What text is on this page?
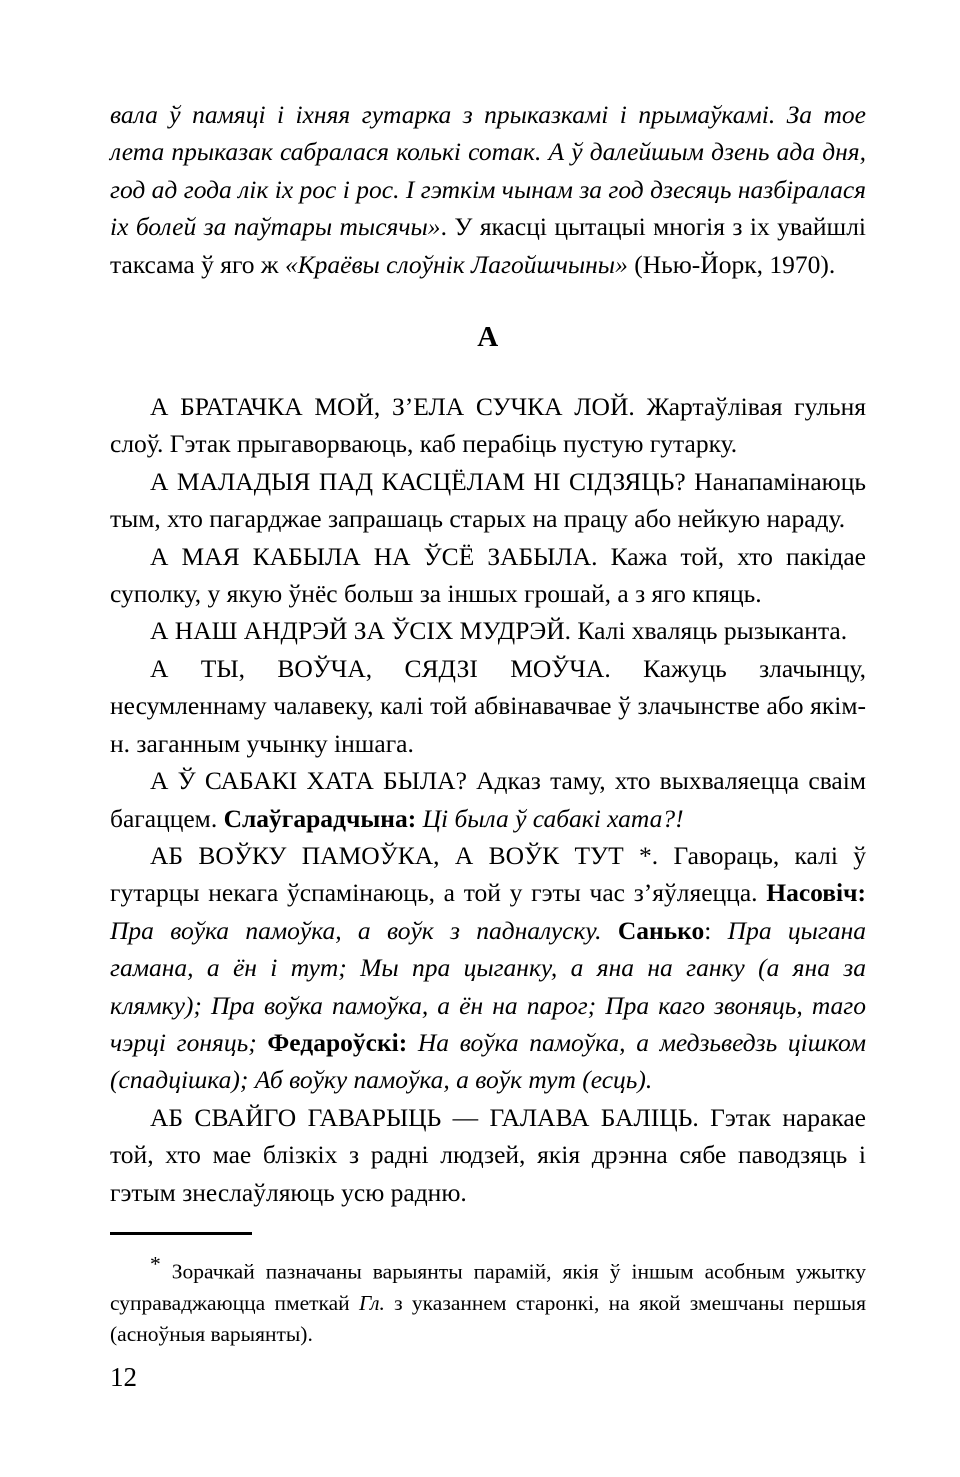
вала ў памяці і іхняя гутарка з прыказкамі і прымаўкамі. За тое лета прыказак сабралася колькі сотак. А ў далейшым дзень ада дня, год ад года лік іх рос і рос. І гэткім чынам за год дзесяць назбіралася іх болей за паўтары тысячы». У якасці цытацыі многія з іх увайшлі таксама ў яго ж «Краёвы слоўнік Лагойшчыны» (Нью-Йорк, 1970).

А

А БРАТАЧКА МОЙ, З’ЕЛА СУЧКА ЛОЙ. Жартаўлівая гульня слоў. Гэтак прыгаворваюць, каб перабіць пустую гутарку.

А МАЛАДЫЯ ПАД КАСЦЁЛАМ НІ СІДЗЯЦЬ? Нанапамінаюць тым, хто пагарджае запрашаць старых на працу або нейкую нараду.

А МАЯ КАБЫЛА НА ЎСЁ ЗАБЫЛА. Кажа той, хто пакідае суполку, у якую ўнёс больш за іншых грошай, а з яго кпяць.

А НАШ АНДРЭЙ ЗА ЎСІХ МУДРЭЙ. Калі хваляць рызыканта.

А ТЫ, ВОЎЧА, СЯДЗІ МОЎЧА. Кажуць злачынцу, несумленнаму чалавеку, калі той абвінавачвае ў злачынстве або якім-н. заганным учынку іншага.

А Ў САБАКІ ХАТА БЫЛА? Адказ таму, хто выхваляецца сваім багаццем. Слаўгарадчына: Ці была ў сабакі хата?!

АБ ВОЎКУ ПАМОЎКА, А ВОЎК ТУТ *. Гавораць, калі ў гутарцы некага ўспамінаюць, а той у гэты час з’яўляецца. Насовіч: Пра воўка памоўка, а воўк з падналуску. Санько: Пра цыгана гамана, а ён і тут; Мы пра цыганку, а яна на ганку (а яна за клямку); Пра воўка памоўка, а ён на парог; Пра каго звоняць, таго чэрці гоняць; Федароўскі: На воўка памоўка, а медзьведзь цішком (спадцішка); Аб воўку памоўка, а воўк тут (есць).

АБ СВАЙГО ГАВАРЫЦЬ — ГАЛАВА БАЛІЦЬ. Гэтак наракае той, хто мае блізкіх з радні людзей, якія дрэнна сябе паводзяць і гэтым знеслаўляюць усю радню.

* Зорачкай пазначаны варыянты парамій, якія ў іншым асобным ужытку суправаджаюцца пметкай Гл. з указаннем старонкі, на якой змешчаны першыя (асноўныя варыянты).

12
